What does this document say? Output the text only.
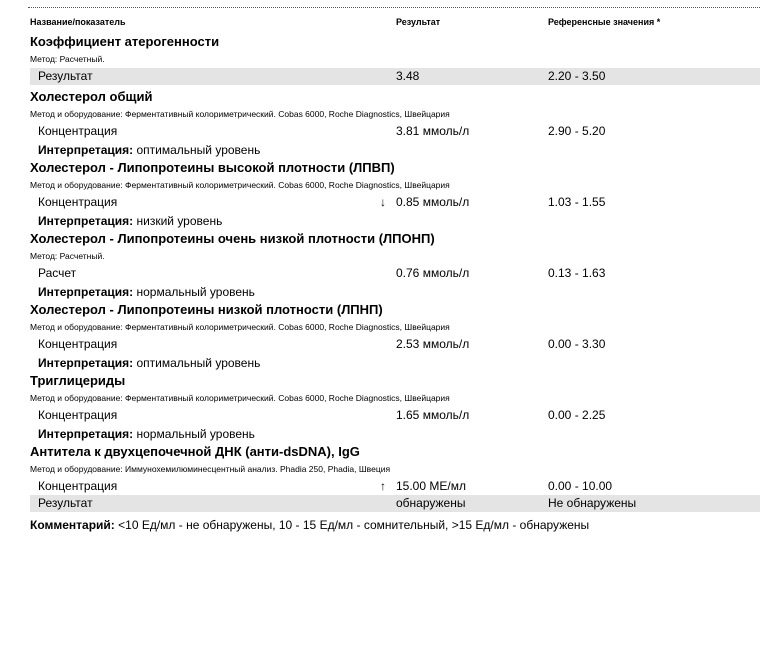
Название/показатель	Результат	Референсные значения *
Коэффициент атерогенности
Метод: Расчетный.
Результат	3.48	2.20 - 3.50
Холестерол общий
Метод и оборудование: Ферментативный колориметрический. Cobas 6000, Roche Diagnostics, Швейцария
Концентрация	3.81 ммоль/л	2.90 - 5.20
Интерпретация: оптимальный уровень
Холестерол - Липопротеины высокой плотности (ЛПВП)
Метод и оборудование: Ферментативный колориметрический. Cobas 6000, Roche Diagnostics, Швейцария
Концентрация	↓ 0.85 ммоль/л	1.03 - 1.55
Интерпретация: низкий уровень
Холестерол - Липопротеины очень низкой плотности (ЛПОНП)
Метод: Расчетный.
Расчет	0.76 ммоль/л	0.13 - 1.63
Интерпретация: нормальный уровень
Холестерол - Липопротеины низкой плотности (ЛПНП)
Метод и оборудование: Ферментативный колориметрический. Cobas 6000, Roche Diagnostics, Швейцария
Концентрация	2.53 ммоль/л	0.00 - 3.30
Интерпретация: оптимальный уровень
Триглицериды
Метод и оборудование: Ферментативный колориметрический. Cobas 6000, Roche Diagnostics, Швейцария
Концентрация	1.65 ммоль/л	0.00 - 2.25
Интерпретация: нормальный уровень
Антитела к двухцепочечной ДНК (анти-dsDNA), IgG
Метод и оборудование: Иммунохемилюминесцентный анализ. Phadia 250, Phadia, Швеция
Концентрация	↑ 15.00 МЕ/мл	0.00 - 10.00
Результат	обнаружены	Не обнаружены
Комментарий: <10 Ед/мл - не обнаружены, 10 - 15 Ед/мл - сомнительный, >15 Ед/мл - обнаружены
